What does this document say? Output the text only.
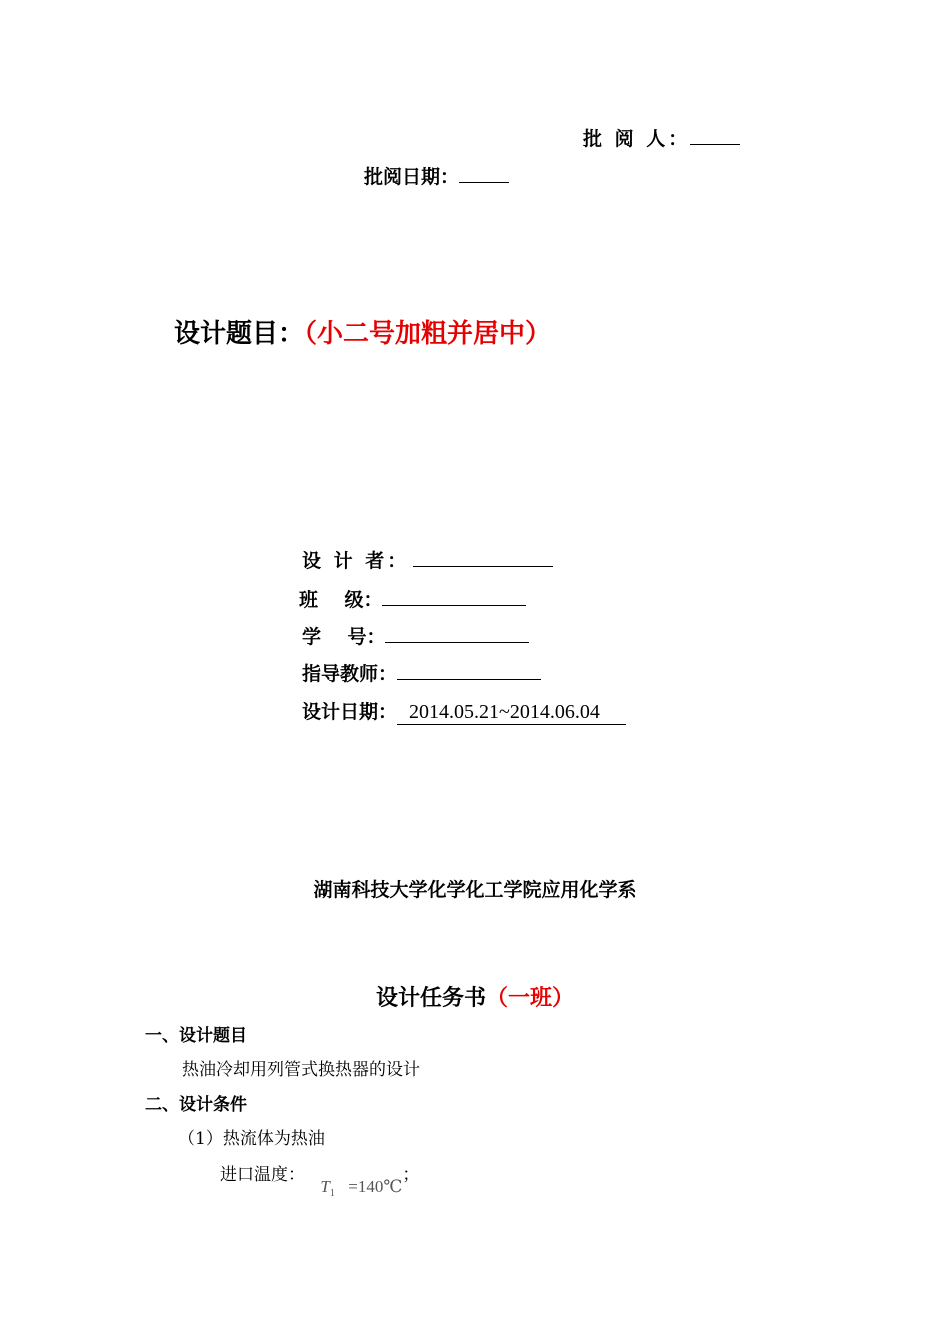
批 阅 人：
批阅日期：
设计题目：（小二号加粗并居中）
设 计 者：
班    级：
学    号：
指导教师：
设计日期： 2014.05.21~2014.06.04
湖南科技大学化学化工学院应用化学系
设计任务书（一班）
一、设计题目
热油冷却用列管式换热器的设计
二、设计条件
（1）热流体为热油
进口温度： $T_1$ =140℃；
